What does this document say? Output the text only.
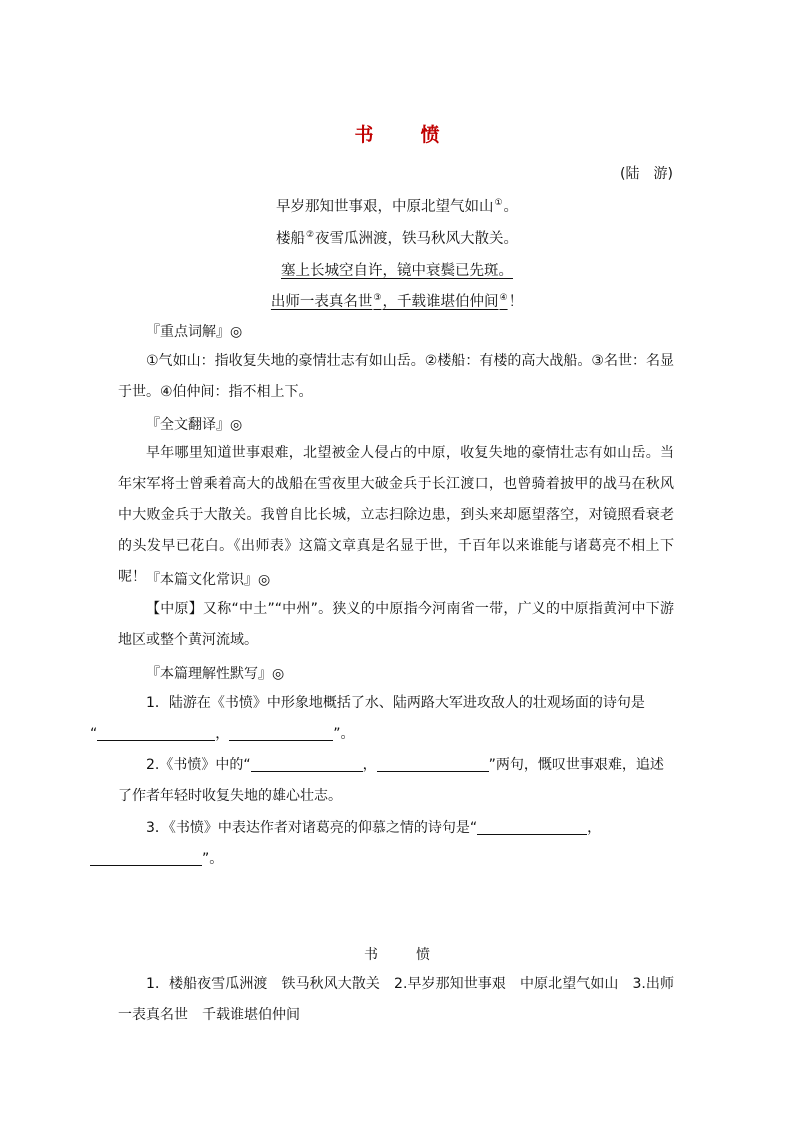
书　愤
(陆　游)
早岁那知世事艰，中原北望气如山①。
楼船②夜雪瓜洲渡，铁马秋风大散关。
塞上长城空自许，镜中衰鬓已先斑。
出师一表真名世③，千载谁堪伯仲间④！
『重点词解』◎
①气如山：指收复失地的豪情壮志有如山岳。②楼船：有楼的高大战船。③名世：名显于世。④伯仲间：指不相上下。
『全文翻译』◎
早年哪里知道世事艰难，北望被金人侵占的中原，收复失地的豪情壮志有如山岳。当年宋军将士曾乘着高大的战船在雪夜里大破金兵于长江渡口，也曾骑着披甲的战马在秋风中大败金兵于大散关。我曾自比长城，立志扫除边患，到头来却愿望落空，对镜照看衰老的头发早已花白。《出师表》这篇文章真是名显于世，千百年以来谁能与诸葛亮不相上下呢！ 『本篇文化常识』◎
【中原】又称“中土”“中州”。狭义的中原指今河南省一带，广义的中原指黄河中下游地区或整个黄河流域。
『本篇理解性默写』◎
1．陆游在《书愤》中形象地概括了水、陆两路大军进攻敌人的壮观场面的诗句是
“	，	”。
2.《书愤》中的“	，	”两句，慨叹世事艰难，追述了作者年轻时收复失地的雄心壮志。
3．《书愤》中表达作者对诸葛亮的仰慕之情的诗句是“	，
”。
书　愤
1．楼船夜雪瓜洲渡　铁马秋风大散关　2.早岁那知世事艰　中原北望气如山　3.出师一表真名世　千载谁堪伯仲间
